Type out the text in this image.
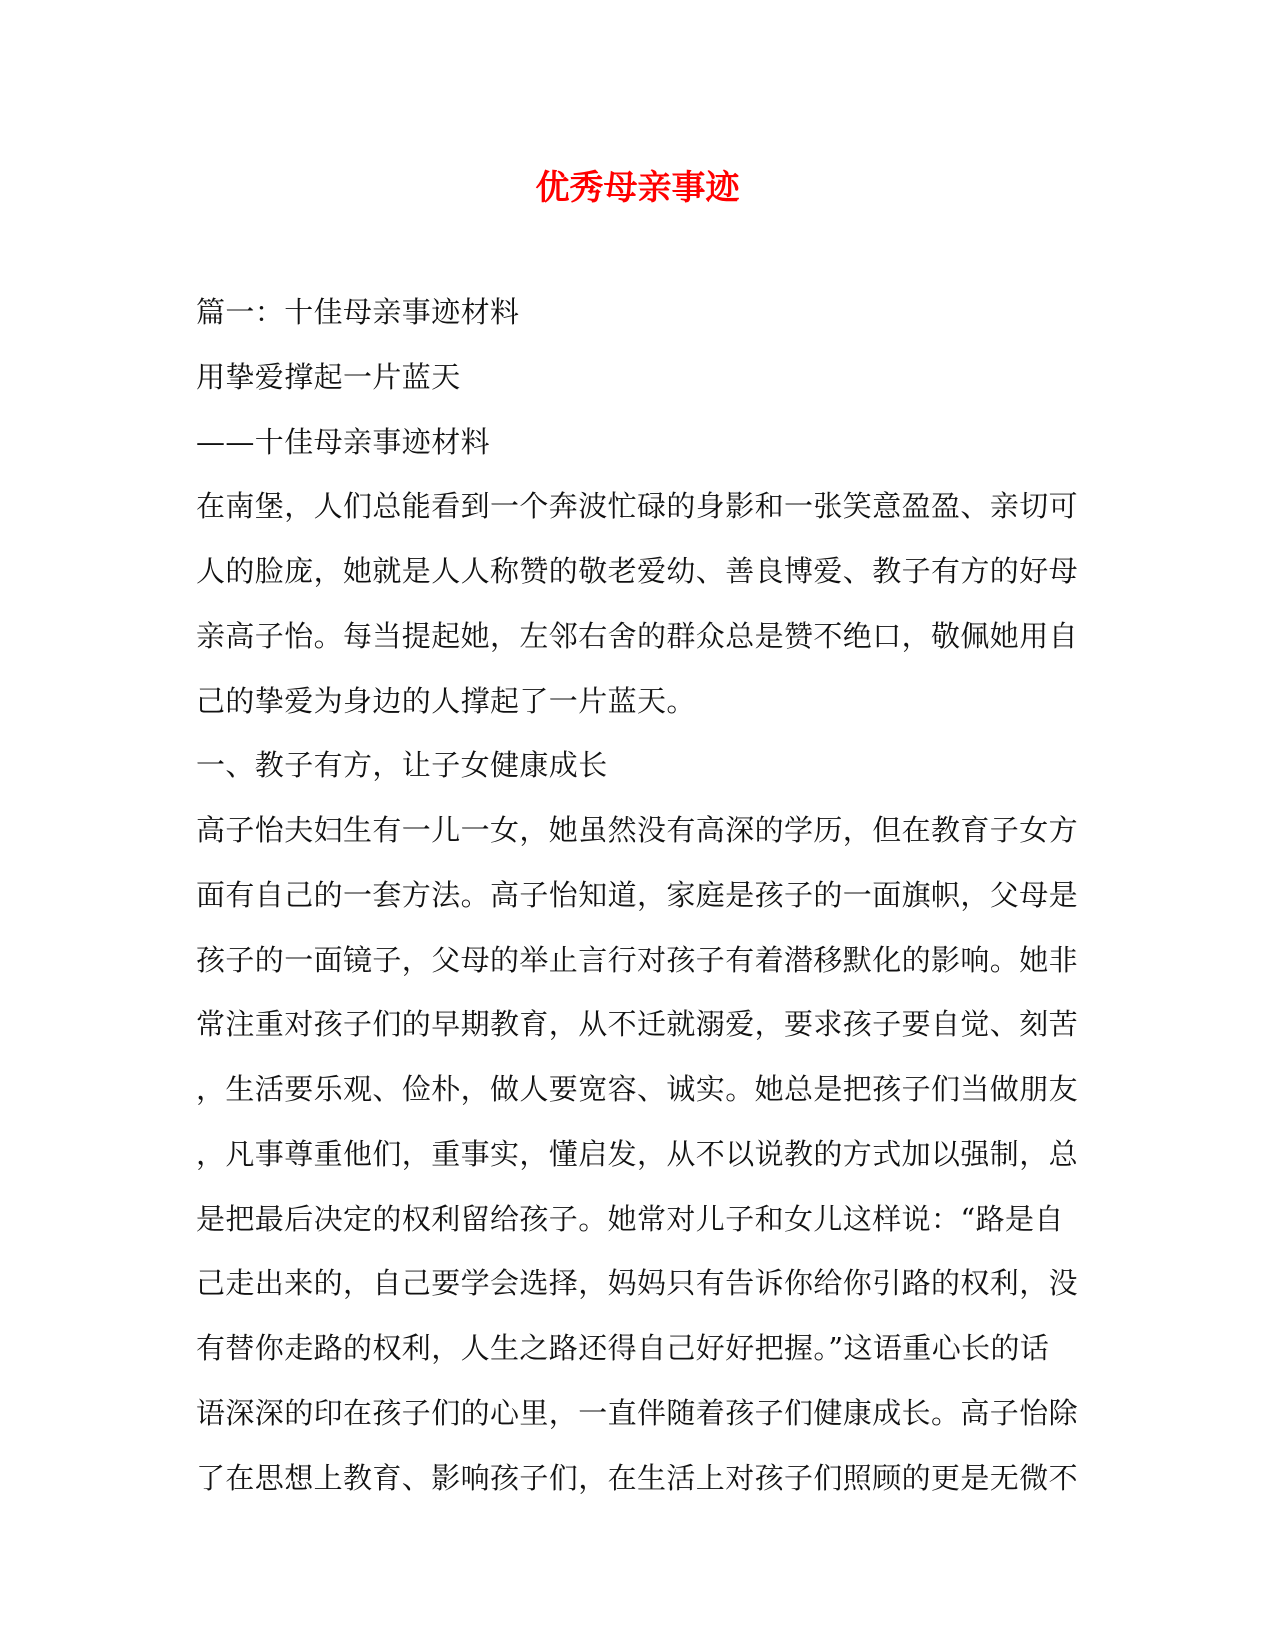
优秀母亲事迹
篇一：十佳母亲事迹材料
用挚爱撑起一片蓝天
——十佳母亲事迹材料
在南堡，人们总能看到一个奔波忙碌的身影和一张笑意盈盈、亲切可
人的脸庞，她就是人人称赞的敬老爱幼、善良博爱、教子有方的好母
亲高子怡。每当提起她，左邻右舍的群众总是赞不绝口，敬佩她用自
己的挚爱为身边的人撑起了一片蓝天。
一、教子有方，让子女健康成长
高子怡夫妇生有一儿一女，她虽然没有高深的学历，但在教育子女方
面有自己的一套方法。高子怡知道，家庭是孩子的一面旗帜，父母是
孩子的一面镜子，父母的举止言行对孩子有着潜移默化的影响。她非
常注重对孩子们的早期教育，从不迁就溺爱，要求孩子要自觉、刻苦
，生活要乐观、俭朴，做人要宽容、诚实。她总是把孩子们当做朋友
，凡事尊重他们，重事实，懂启发，从不以说教的方式加以强制，总
是把最后决定的权利留给孩子。她常对儿子和女儿这样说：“路是自
己走出来的，自己要学会选择，妈妈只有告诉你给你引路的权利，没
有替你走路的权利，人生之路还得自己好好把握。”这语重心长的话
语深深的印在孩子们的心里，一直伴随着孩子们健康成长。高子怡除
了在思想上教育、影响孩子们，在生活上对孩子们照顾的更是无微不
